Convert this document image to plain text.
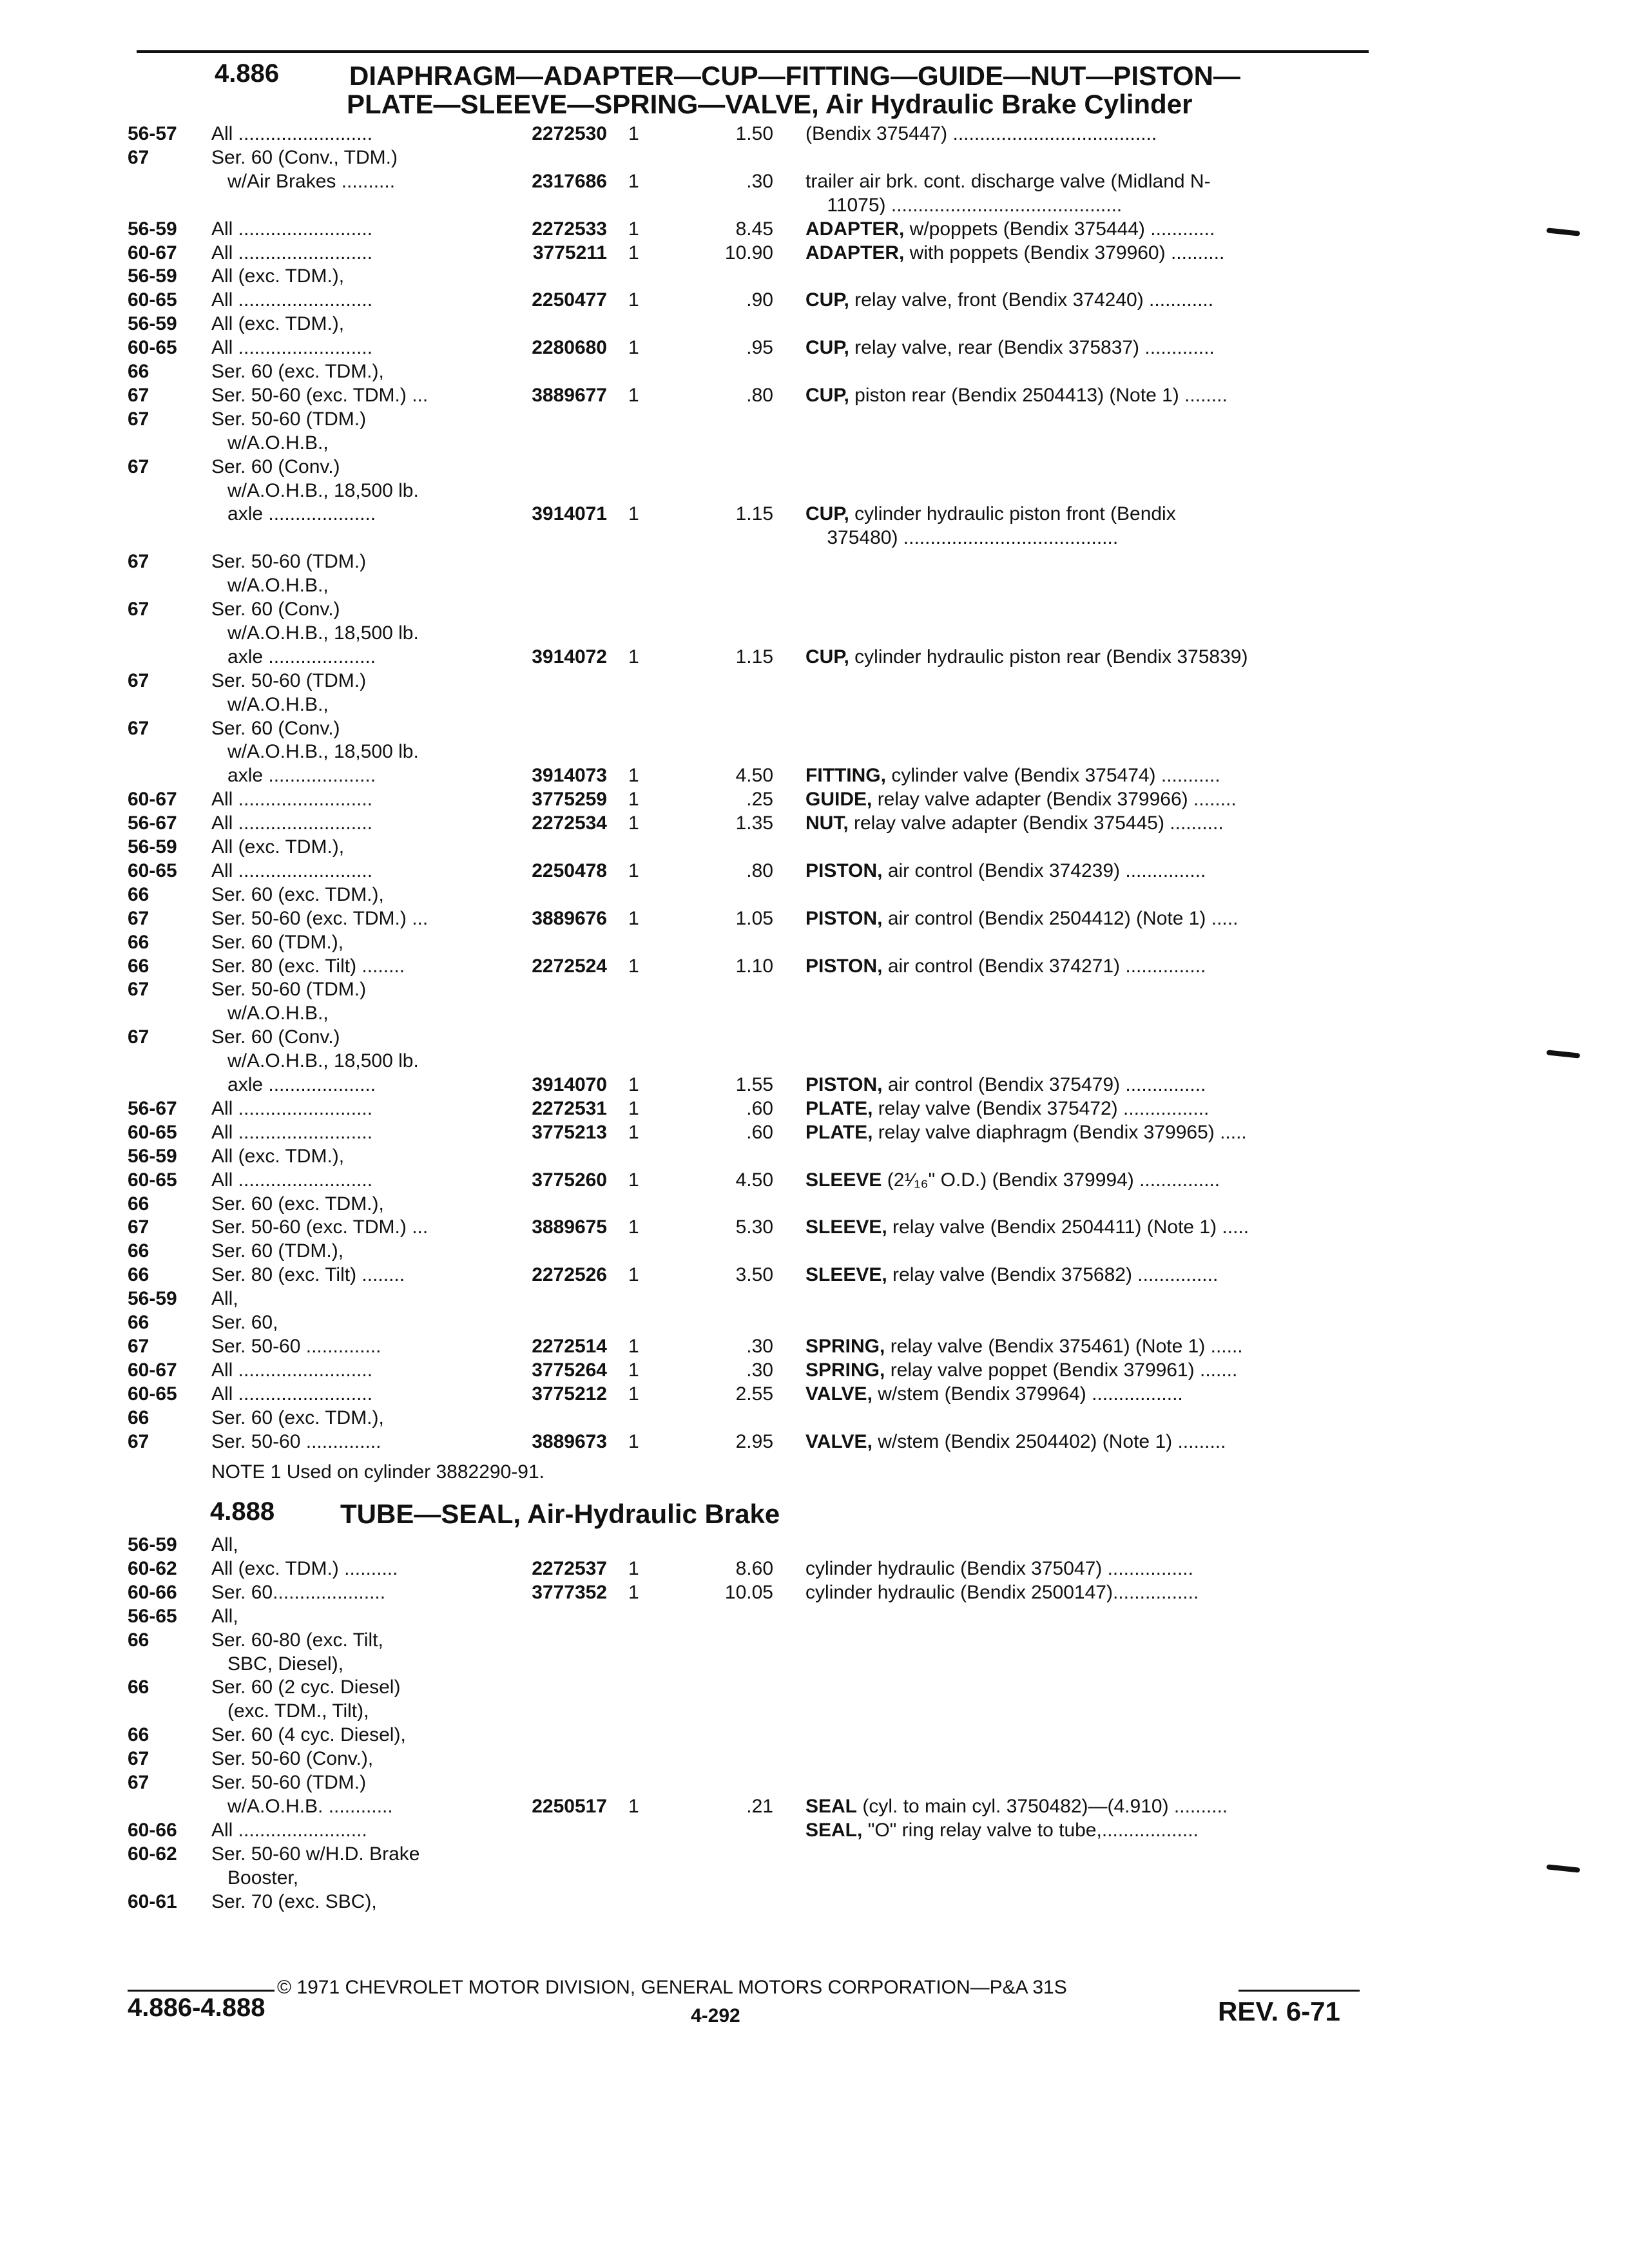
4.886	DIAPHRAGM—ADAPTER—CUP—FITTING—GUIDE—NUT—PISTON—
PLATE—SLEEVE—SPRING—VALVE, Air Hydraulic Brake Cylinder
56-57 All .........................	2272530 1	1.50 (Bendix 375447) ......................................
67	Ser. 60 (Conv., TDM.)
w/Air Brakes ..........	2317686 1	.30 trailer air brk. cont. discharge valve (Midland N-
11075) ...........................................
56-59 All .........................	2272533 1	8.45 ADAPTER, w/poppets (Bendix 375444) ............
60-67 All .........................	3775211 1	10.90 ADAPTER, with poppets (Bendix 379960) ..........
56-59 All (exc. TDM.),
60-65 All .........................	2250477 1	.90 CUP, relay valve, front (Bendix 374240) ............
56-59 All (exc. TDM.),
60-65 All .........................	2280680 1	.95 CUP, relay valve, rear (Bendix 375837) .............
66	Ser. 60 (exc. TDM.),
67	Ser. 50-60 (exc. TDM.) ...	3889677 1	.80 CUP, piston rear (Bendix 2504413) (Note 1) ........
67	Ser. 50-60 (TDM.)
w/A.O.H.B.,
67	Ser. 60 (Conv.)
w/A.O.H.B., 18,500 lb.
axle ....................	3914071 1	1.15 CUP, cylinder hydraulic piston front (Bendix
375480) ........................................
67	Ser. 50-60 (TDM.)
w/A.O.H.B.,
67	Ser. 60 (Conv.)
w/A.O.H.B., 18,500 lb.
axle ....................	3914072 1	1.15 CUP, cylinder hydraulic piston rear (Bendix 375839)
67	Ser. 50-60 (TDM.)
w/A.O.H.B.,
67	Ser. 60 (Conv.)
w/A.O.H.B., 18,500 lb.
axle ....................	3914073 1	4.50 FITTING, cylinder valve (Bendix 375474) ...........
60-67 All .........................	3775259 1	.25 GUIDE, relay valve adapter (Bendix 379966) ........
56-67 All .........................	2272534 1	1.35 NUT, relay valve adapter (Bendix 375445) ..........
56-59 All (exc. TDM.),
60-65 All .........................	2250478 1	.80 PISTON, air control (Bendix 374239) ...............
66	Ser. 60 (exc. TDM.),
67	Ser. 50-60 (exc. TDM.) ...	3889676 1	1.05 PISTON, air control (Bendix 2504412) (Note 1) .....
66	Ser. 60 (TDM.),
66	Ser. 80 (exc. Tilt) ........	2272524 1	1.10 PISTON, air control (Bendix 374271) ...............
67	Ser. 50-60 (TDM.)
w/A.O.H.B.,
67	Ser. 60 (Conv.)
w/A.O.H.B., 18,500 lb.
axle ....................	3914070 1	1.55 PISTON, air control (Bendix 375479) ...............
56-67 All .........................	2272531 1	.60 PLATE, relay valve (Bendix 375472) ................
60-65 All .........................	3775213 1	.60 PLATE, relay valve diaphragm (Bendix 379965) .....
56-59 All (exc. TDM.),
60-65 All .........................	3775260 1	4.50 SLEEVE (2¹⁄₁₆" O.D.) (Bendix 379994) ...............
66	Ser. 60 (exc. TDM.),
67	Ser. 50-60 (exc. TDM.) ...	3889675 1	5.30 SLEEVE, relay valve (Bendix 2504411) (Note 1) .....
66	Ser. 60 (TDM.),
66	Ser. 80 (exc. Tilt) ........	2272526 1	3.50 SLEEVE, relay valve (Bendix 375682) ...............
56-59 All,
66	Ser. 60,
67	Ser. 50-60 ..............	2272514 1	.30 SPRING, relay valve (Bendix 375461) (Note 1) ......
60-67 All .........................	3775264 1	.30 SPRING, relay valve poppet (Bendix 379961) .......
60-65 All .........................	3775212 1	2.55 VALVE, w/stem (Bendix 379964) .................
66	Ser. 60 (exc. TDM.),
67	Ser. 50-60 ..............	3889673 1	2.95 VALVE, w/stem (Bendix 2504402) (Note 1) .........
NOTE 1 Used on cylinder 3882290-91.
4.888 TUBE—SEAL, Air-Hydraulic Brake
56-59 All,
60-62 All (exc. TDM.) ..........	2272537 1	8.60 cylinder hydraulic (Bendix 375047) ................
60-66 Ser. 60.....................	3777352 1	10.05 cylinder hydraulic (Bendix 2500147)................
56-65 All,
66	Ser. 60-80 (exc. Tilt,
SBC, Diesel),
66	Ser. 60 (2 cyc. Diesel)
(exc. TDM., Tilt),
66	Ser. 60 (4 cyc. Diesel),
67	Ser. 50-60 (Conv.),
67	Ser. 50-60 (TDM.)
w/A.O.H.B. ............	2250517 1	.21 SEAL (cyl. to main cyl. 3750482)—(4.910) ..........
60-66 All ........................	SEAL, "O" ring relay valve to tube,..................
60-62 Ser. 50-60 w/H.D. Brake
Booster,
60-61 Ser. 70 (exc. SBC),
© 1971 CHEVROLET MOTOR DIVISION, GENERAL MOTORS CORPORATION—P&A 31S
4.886-4.888	4-292	REV. 6-71
